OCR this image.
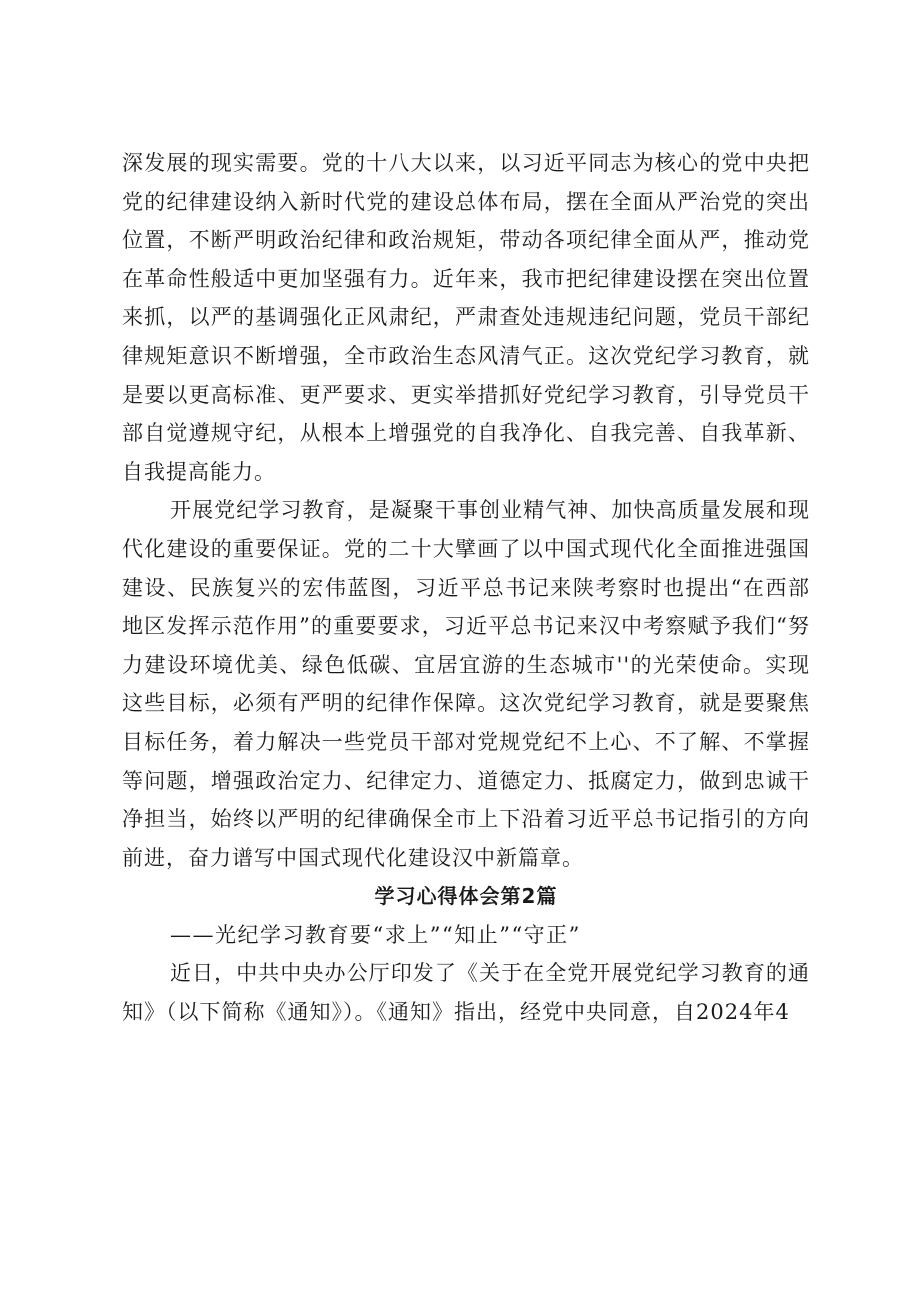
深发展的现实需要。党的十八大以来，以习近平同志为核心的党中央把党的纪律建设纳入新时代党的建设总体布局，摆在全面从严治党的突出位置，不断严明政治纪律和政治规矩，带动各项纪律全面从严，推动党在革命性般适中更加坚强有力。近年来，我市把纪律建设摆在突出位置来抓，以严的基调强化正风肃纪，严肃查处违规违纪问题，党员干部纪律规矩意识不断增强，全市政治生态风清气正。这次党纪学习教育，就是要以更高标准、更严要求、更实举措抓好党纪学习教育，引导党员干部自觉遵规守纪，从根本上增强党的自我净化、自我完善、自我革新、自我提高能力。

开展党纪学习教育，是凝聚干事创业精气神、加快高质量发展和现代化建设的重要保证。党的二十大擘画了以中国式现代化全面推进强国建设、民族复兴的宏伟蓝图，习近平总书记来陕考察时也提出“在西部地区发挥示范作用”的重要要求，习近平总书记来汉中考察赋予我们“努力建设环境优美、绿色低碳、宜居宜游的生态城市''的光荣使命。实现这些目标，必须有严明的纪律作保障。这次党纪学习教育，就是要聚焦目标任务，着力解决一些党员干部对党规党纪不上心、不了解、不掌握等问题，增强政治定力、纪律定力、道德定力、抵腐定力，做到忠诚干净担当，始终以严明的纪律确保全市上下沿着习近平总书记指引的方向前进，奋力谱写中国式现代化建设汉中新篇章。

学习心得体会第2篇

——光纪学习教育要“求上”“知止”“守正”

近日，中共中央办公厅印发了《关于在全党开展党纪学习教育的通知》（以下简称《通知》）。《通知》指出，经党中央同意，自2024年4
